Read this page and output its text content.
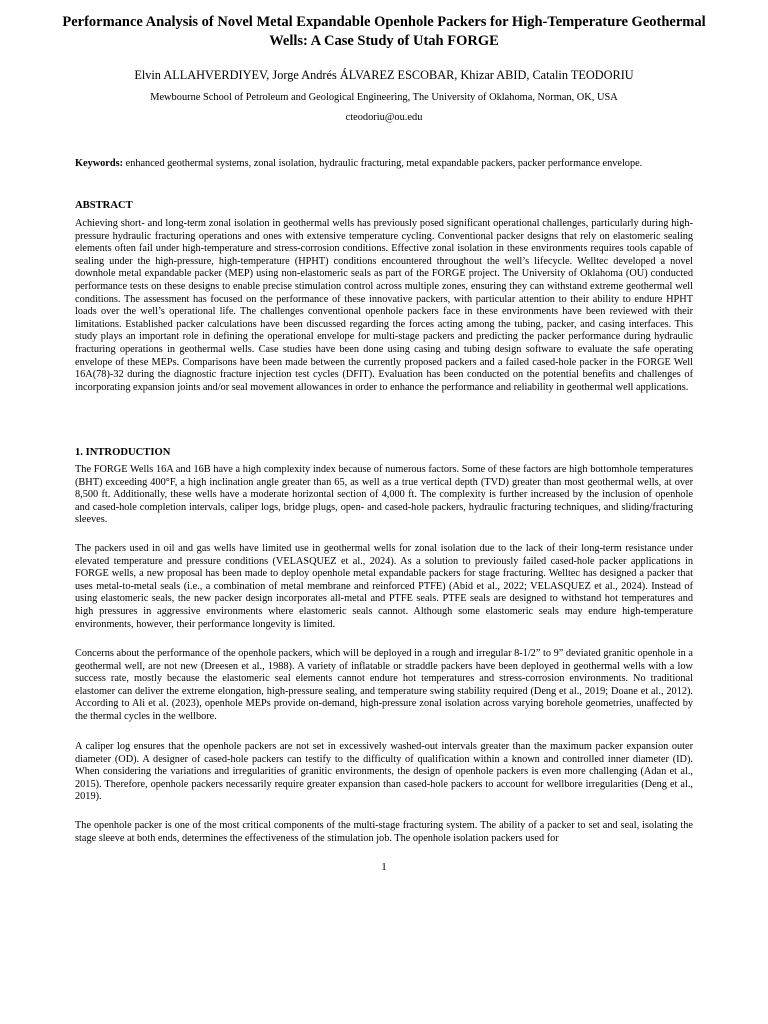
Performance Analysis of Novel Metal Expandable Openhole Packers for High-Temperature Geothermal Wells: A Case Study of Utah FORGE
Elvin ALLAHVERDIYEV, Jorge Andrés ÁLVAREZ ESCOBAR, Khizar ABID, Catalin TEODORIU
Mewbourne School of Petroleum and Geological Engineering, The University of Oklahoma, Norman, OK, USA
cteodoriu@ou.edu
Keywords: enhanced geothermal systems, zonal isolation, hydraulic fracturing, metal expandable packers, packer performance envelope.
ABSTRACT

Achieving short- and long-term zonal isolation in geothermal wells has previously posed significant operational challenges, particularly during high-pressure hydraulic fracturing operations and ones with extensive temperature cycling. Conventional packer designs that rely on elastomeric sealing elements often fail under high-temperature and stress-corrosion conditions. Effective zonal isolation in these environments requires tools capable of sealing under the high-pressure, high-temperature (HPHT) conditions encountered throughout the well’s lifecycle. Welltec developed a novel downhole metal expandable packer (MEP) using non-elastomeric seals as part of the FORGE project. The University of Oklahoma (OU) conducted performance tests on these designs to enable precise stimulation control across multiple zones, ensuring they can withstand extreme geothermal well conditions. The assessment has focused on the performance of these innovative packers, with particular attention to their ability to endure HPHT loads over the well’s operational life. The challenges conventional openhole packers face in these environments have been reviewed with their limitations. Established packer calculations have been discussed regarding the forces acting among the tubing, packer, and casing interfaces. This study plays an important role in defining the operational envelope for multi-stage packers and predicting the packer performance during hydraulic fracturing operations in geothermal wells. Case studies have been done using casing and tubing design software to evaluate the safe operating envelope of these MEPs. Comparisons have been made between the currently proposed packers and a failed cased-hole packer in the FORGE Well 16A(78)-32 during the diagnostic fracture injection test cycles (DFIT). Evaluation has been conducted on the potential benefits and challenges of incorporating expansion joints and/or seal movement allowances in order to enhance the performance and reliability in geothermal well applications.

1. INTRODUCTION

The FORGE Wells 16A and 16B have a high complexity index because of numerous factors. Some of these factors are high bottomhole temperatures (BHT) exceeding 400°F, a high inclination angle greater than 65, as well as a true vertical depth (TVD) greater than most geothermal wells, at over 8,500 ft. Additionally, these wells have a moderate horizontal section of 4,000 ft. The complexity is further increased by the inclusion of openhole and cased-hole completion intervals, caliper logs, bridge plugs, open- and cased-hole packers, hydraulic fracturing techniques, and sliding/fracturing sleeves.

The packers used in oil and gas wells have limited use in geothermal wells for zonal isolation due to the lack of their long-term resistance under elevated temperature and pressure conditions (VELASQUEZ et al., 2024). As a solution to previously failed cased-hole packer applications in FORGE wells, a new proposal has been made to deploy openhole metal expandable packers for stage fracturing. Welltec has designed a packer that uses metal-to-metal seals (i.e., a combination of metal membrane and reinforced PTFE) (Abid et al., 2022; VELASQUEZ et al., 2024). Instead of using elastomeric seals, the new packer design incorporates all-metal and PTFE seals. PTFE seals are designed to withstand hot temperatures and high pressures in aggressive environments where elastomeric seals cannot. Although some elastomeric seals may endure high-temperature environments, however, their performance longevity is limited.

Concerns about the performance of the openhole packers, which will be deployed in a rough and irregular 8-1/2” to 9” deviated granitic openhole in a geothermal well, are not new (Dreesen et al., 1988). A variety of inflatable or straddle packers have been deployed in geothermal wells with a low success rate, mostly because the elastomeric seal elements cannot endure hot temperatures and stress-corrosion environments. No traditional elastomer can deliver the extreme elongation, high-pressure sealing, and temperature swing stability required (Deng et al., 2019; Doane et al., 2012). According to Ali et al. (2023), openhole MEPs provide on-demand, high-pressure zonal isolation across varying borehole geometries, unaffected by the thermal cycles in the wellbore.

A caliper log ensures that the openhole packers are not set in excessively washed-out intervals greater than the maximum packer expansion outer diameter (OD). A designer of cased-hole packers can testify to the difficulty of qualification within a known and controlled inner diameter (ID). When considering the variations and irregularities of granitic environments, the design of openhole packers is even more challenging (Adan et al., 2015). Therefore, openhole packers necessarily require greater expansion than cased-hole packers to account for wellbore irregularities (Deng et al., 2019).

The openhole packer is one of the most critical components of the multi-stage fracturing system. The ability of a packer to set and seal, isolating the stage sleeve at both ends, determines the effectiveness of the stimulation job. The openhole isolation packers used for

1
